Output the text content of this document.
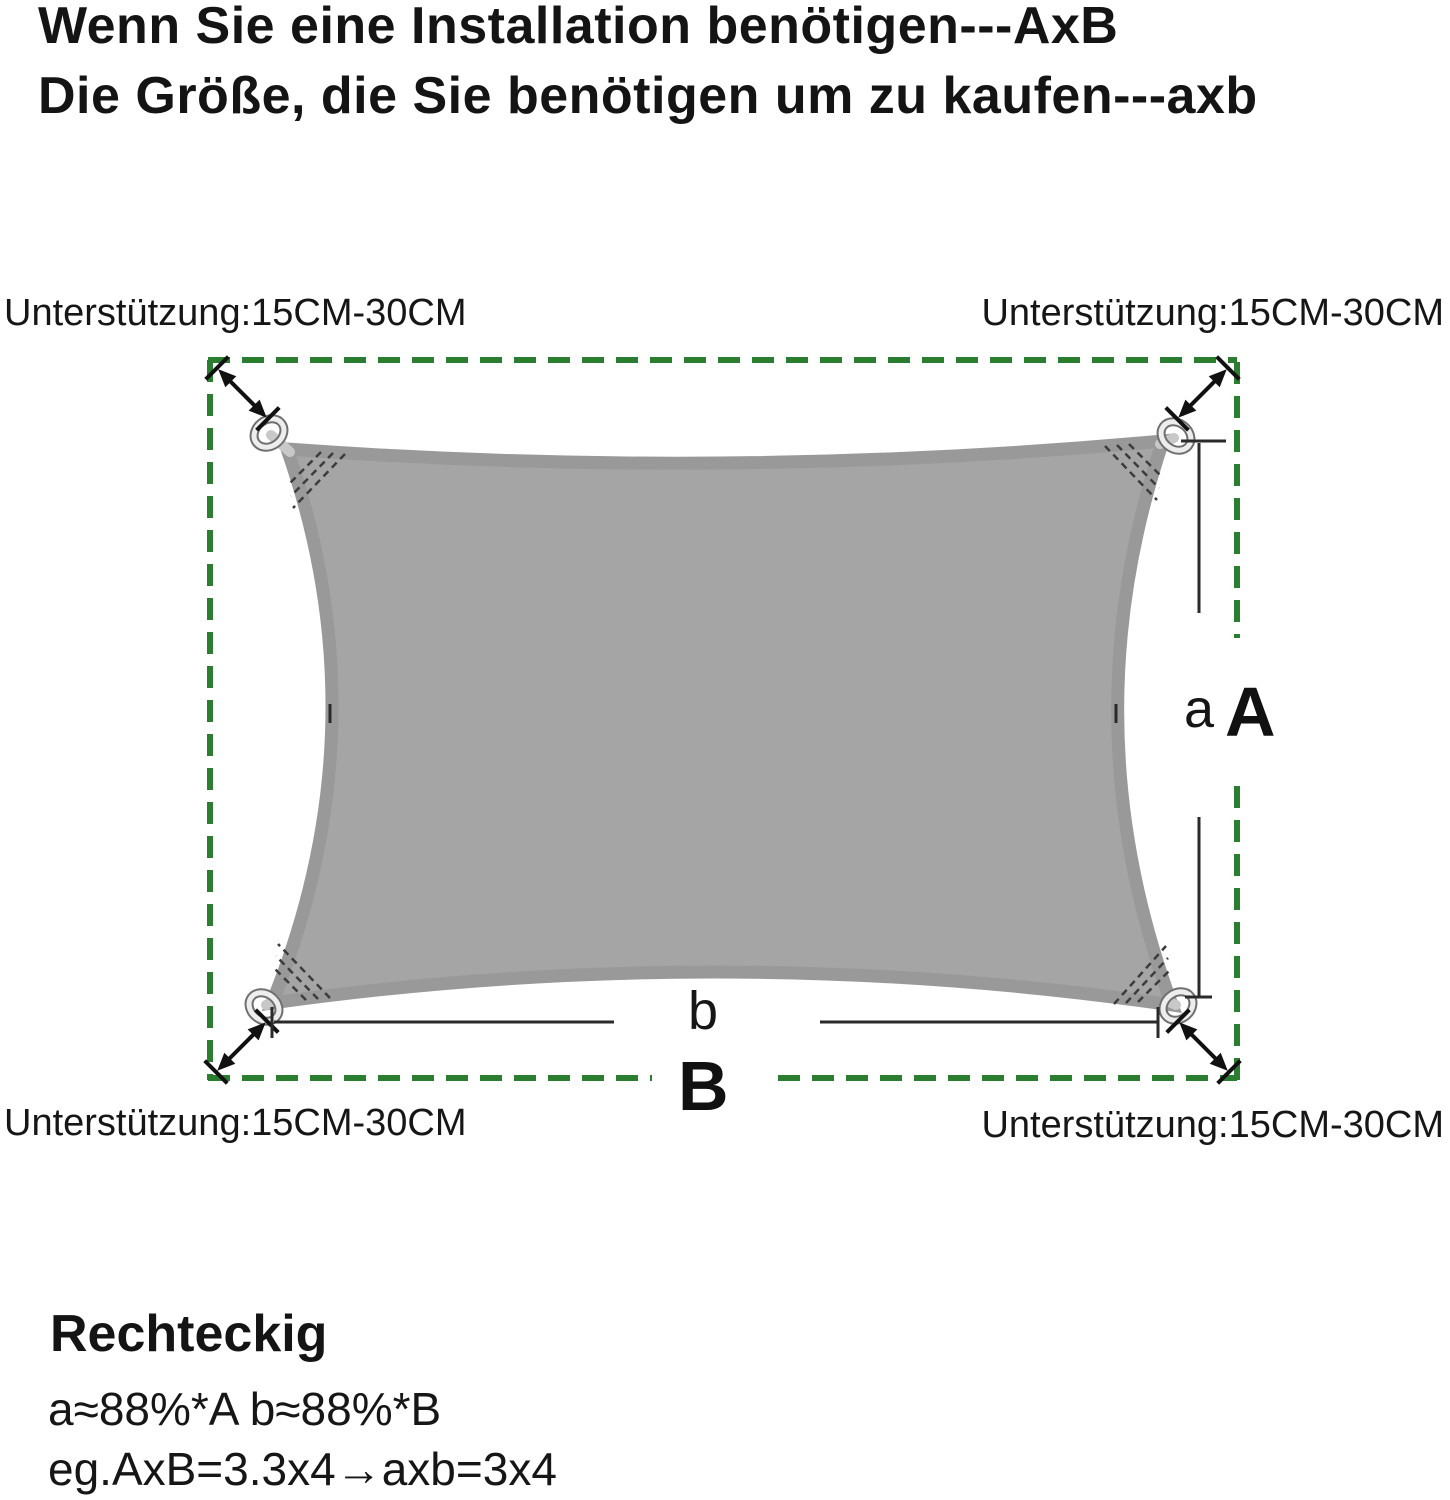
Wenn Sie eine Installation benötigen---AxB
Die Größe, die Sie benötigen um zu kaufen---axb
Unterstützung:15CM-30CM	Unterstützung:15CM-30CM
Unterstützung:15CM-30CM	Unterstützung:15CM-30CM
a A
b
B
Rechteckig
a≈88%*A b≈88%*B
eg.AxB=3.3x4→axb=3x4
